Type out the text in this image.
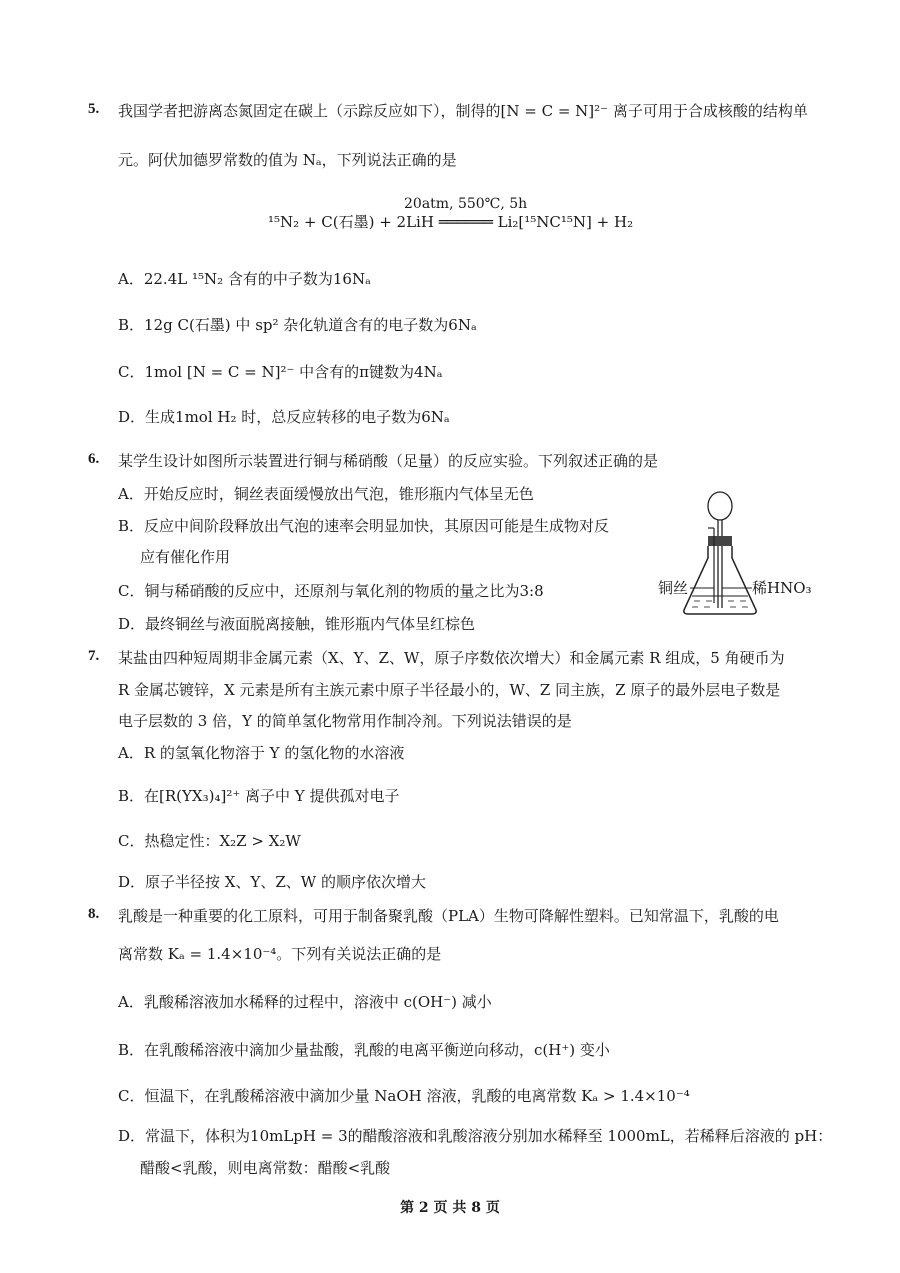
5. 我国学者把游离态氮固定在碳上（示踪反应如下），制得的[N = C = N]²⁻ 离子可用于合成核酸的结构单
元。阿伏加德罗常数的值为 Nₐ，下列说法正确的是
20atm, 550℃, 5h
¹⁵N₂ + C(石墨) + 2LiH ══════ Li₂[¹⁵NC¹⁵N] + H₂
A．22.4L ¹⁵N₂ 含有的中子数为16Nₐ
B．12g C(石墨) 中 sp² 杂化轨道含有的电子数为6Nₐ
C．1mol [N = C = N]²⁻ 中含有的π键数为4Nₐ
D．生成1mol H₂ 时，总反应转移的电子数为6Nₐ
6. 某学生设计如图所示装置进行铜与稀硝酸（足量）的反应实验。下列叙述正确的是
A．开始反应时，铜丝表面缓慢放出气泡，锥形瓶内气体呈无色
B．反应中间阶段释放出气泡的速率会明显加快，其原因可能是生成物对反
应有催化作用
C．铜与稀硝酸的反应中，还原剂与氧化剂的物质的量之比为3:8
D．最终铜丝与液面脱离接触，锥形瓶内气体呈红棕色
铜丝	稀HNO₃
7. 某盐由四种短周期非金属元素（X、Y、Z、W，原子序数依次增大）和金属元素 R 组成，5 角硬币为
R 金属芯镀锌，X 元素是所有主族元素中原子半径最小的，W、Z 同主族，Z 原子的最外层电子数是
电子层数的 3 倍，Y 的简单氢化物常用作制冷剂。下列说法错误的是
A．R 的氢氧化物溶于 Y 的氢化物的水溶液
B．在[R(YX₃)₄]²⁺ 离子中 Y 提供孤对电子
C．热稳定性：X₂Z > X₂W
D．原子半径按 X、Y、Z、W 的顺序依次增大
8. 乳酸是一种重要的化工原料，可用于制备聚乳酸（PLA）生物可降解性塑料。已知常温下，乳酸的电
离常数 Kₐ = 1.4×10⁻⁴。下列有关说法正确的是
A．乳酸稀溶液加水稀释的过程中，溶液中 c(OH⁻) 减小
B．在乳酸稀溶液中滴加少量盐酸，乳酸的电离平衡逆向移动，c(H⁺) 变小
C．恒温下，在乳酸稀溶液中滴加少量 NaOH 溶液，乳酸的电离常数 Kₐ > 1.4×10⁻⁴
D．常温下，体积为10mLpH = 3的醋酸溶液和乳酸溶液分别加水稀释至 1000mL，若稀释后溶液的 pH：
醋酸<乳酸，则电离常数：醋酸<乳酸
第 2 页 共 8 页
